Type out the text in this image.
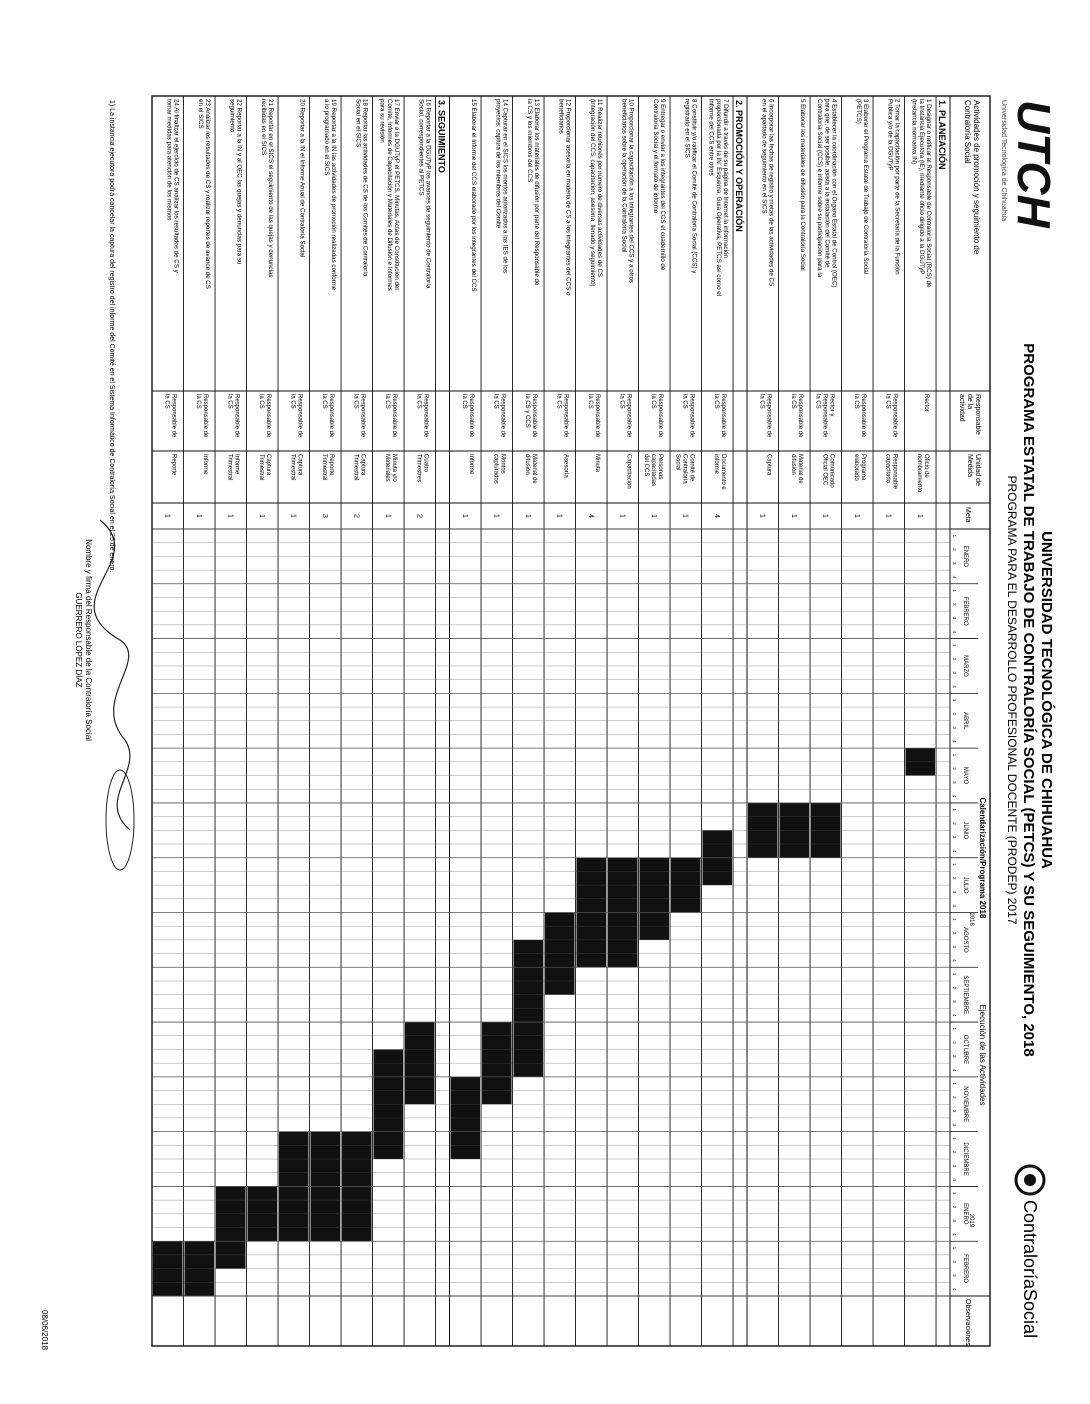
UTCH
Universidad Tecnológica de Chihuahua
UNIVERSIDAD TECNOLÓGICA DE CHIHUAHUA
PROGRAMA ESTATAL DE TRABAJO DE CONTRALORÍA SOCIAL (PETCS) Y SU SEGUIMIENTO, 2018
PROGRAMA PARA EL DESARROLLO PROFESIONAL DOCENTE (PRODEP) 2017
ContraloríaSocial
Actividades de promoción y seguimiento deContraloría Social
Responsablede laactividad
Unidad deMedida
Meta
Calendarización/Programa 2018
Ejecución de las Actividades
Observaciones
ENERO
1
2
3
4
FEBRERO
1
2
3
4
MARZO
1
2
3
4
ABRIL
1
2
3
4
MAYO
1
2
3
4
JUNIO
1
2
3
4
JULIO
1
2
3
4
AGOSTO
1
2
3
4
SEPTIEMBRE
1
2
3
4
OCTUBRE
1
2
3
4
NOVIEMBRE
1
2
3
4
DICIEMBRE
1
2
3
4
ENERO
1
2
3
4
FEBRERO
1
2
3
4
2018
2019
1. PLANEACIÓN
1 Designar o ratificar al Responsable de Contraloría Social (RCS) dela Instancia Ejecutora (IE), mediante oficio dirigido a la DGUTyP(instancia normativa IN)
Rector
Oficio denombramiento
1
2 Tomar la capacitación por parte de la Secretaría de la FunciónPública y/o de la DGUTyP
Responsable dela CS
Responsablecapacitado
1
3 Elaborar el Programa Estatal de Trabajo de Contraloría Social(PETCS)
Responsable dela CS
Programaelaborado
1
4 Establecer la coordinación con el Órgano Estatal de Control (OEC)para que, de ser posible, asista a la instalación del Comité deContraloría Social (CCS) e informe sobre su participación para la
Rector yResponsable dela CS
ComunicadoOficial OEC
1
5 Elaborar los materiales de difusión para la Contraloría Social
Responsable dela CS
Material dedifusión
1
6 Incorporar las fechas de registro y metas de las actividades de CSen el apartado de seguimiento en el SICS
Responsable dela CS
Captura
1
2. PROMOCIÓN Y OPERACIÓN
7 Difundir a través de su página de Internet la informaciónproporcionada por la IN: Esquema, Guía Operativa, PETCS así como elinforme del CCS entre otros
Responsable dela CS
Documento einforme
4
8 Constituir y/o ratificar el Comité de Contraloría Social (CCS) yregistrarlo en el SICS
Responsable dela CS
Comité deContraloríaSocial
1
9 Entregar o enviar a los integrantes del CCS el cuadernillo deContraloría Social y el formato de informe
Responsable dela CS
Personascapacitadasdel CCS
1
10 Proporcionar la capacitación a los integrantes del CCS y a otrosbeneficiarios sobre la operación de la Contraloría Social
Responsable dela CS
Capacitación
1
11 Realizar reuniones por número de diversas actividades de CS(integración del CCS, capacitación, asesoría, llenado y seguimiento)
Responsable dela CS
Minuta
4
12 Proporcionar asesoría en materia de CS a los integrantes del CCS obeneficiarios
Responsable dela CS
Asesoría
1
13 Elaborar los materiales de difusión por parte del Responsable dela CS y los miembros del CCS
Responsable dela CS y CCS
Material dedifusión
1
14 Capturar en el SICS los montos autorizados a las IES de losproyectos; captura de los miembros del Comité
Responsable dela CS
Montoscapturados
1
15 Elaborar el Informe del CCS elaborado por los integrantes del CCS
Responsable dela CS
Informe
1
3. SEGUIMIENTO
16 Reportar a la DGUTyP los avances de seguimiento de ContraloríaSocial, correspondientes al PETCS
Responsable dela CS
CuatroTrimestres
2
17 Enviar a la DGUTyP el PETCS, Minutas, Actas de Constitución delComité, Informes de Capacitación y Materiales de Difusión e Informespara su revisión
Responsable dela CS
Minuta y/oMateriales
1
18 Reportar las actividades de CS de los Comités de ContraloríaSocial en el SICS
Responsable dela CS
CapturaTrimestral
2
19 Reportar a la IN las actividades de promoción realizadas conformea lo programado en el SICS
Responsable dela CS
ReporteTrimestral
3
20 Reportar a la IN el Informe Anual de Contraloría Social
Responsable dela CS
CapturaTrimestral
1
21 Reportar en el SICS el seguimiento de las quejas y denunciasrecibidas en el SICS
Responsable dela CS
CapturaTrimestral
1
22 Reportar a la IN y al OEC las quejas y denuncias para suseguimiento
Responsable dela CS
InformeTrimestral
1
23 Analizar los resultados de CS y realizar reportes de avance de CSen el SICS
Responsable dela CS
Informe
1
24 Al finalizar el ejercicio de CS analizar los resultados de CS ytomar medidas para atención de los mismos
Responsable dela CS
Reporte
1
Nombre y firma del Responsable de la Contraloría Social
GUERRERO LÓPEZ DÍAZ
1) La instancia ejecutora podrá cancelar la captura del registro del informe del Comité en el Sistema Informático de Contraloría Social en el 25 de enero.
08/06/2018
